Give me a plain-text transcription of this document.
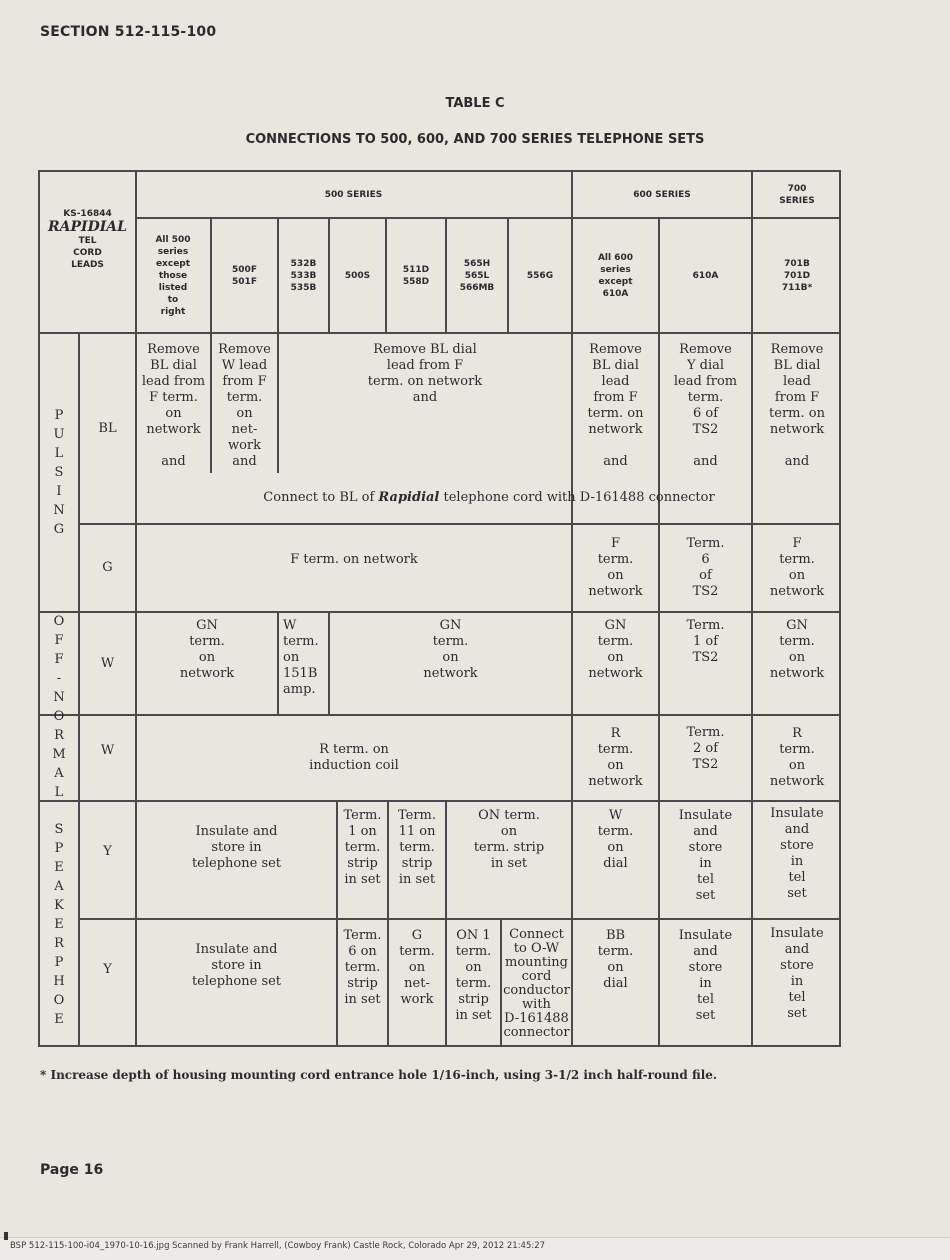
SECTION 512-115-100
TABLE C
CONNECTIONS TO 500, 600, AND 700 SERIES TELEPHONE SETS
500 SERIES	600 SERIES
700
SERIES
KS-16844
RAPIDIAL
TEL
CORD
LEADS
All 500
series
except
those
listed
to
right
500F
501F
532B
533B
535B
500S
511D
558D
565H
565L
566MB
556G
All 600
series
except
610A
610A
701B
701D
711B*
P
U
L
S
I
N
G
O
F
F
-
N
O
R
M
A
L
S
P
E
A
K
E
R
P
H
O
E
BL
Remove
BL dial
lead from
F term.
on
network

and
Remove
W lead
from F
term.
on
net-
work
and
Remove BL dial
lead from F
term. on network
and
Remove
BL dial
lead
from F
term. on
network

and
Remove
Y dial
lead from
term.
6 of
TS2

and
Remove
BL dial
lead
from F
term. on
network

and
Connect to BL of Rapidial telephone cord with D-161488 connector
G
F term. on network
F
term.
on
network
Term.
6
of
TS2
F
term.
on
network
W
GN
term.
on
network
W
term.
on
151B
amp.
GN
term.
on
network
GN
term.
on
network
Term.
1 of
TS2
GN
term.
on
network
W	R term. on
induction coil
R
term.
on
network
Term.
2 of
TS2
R
term.
on
network
Y
Insulate and
store in
telephone set
Term.
1 on
term.
strip
in set
Term.
11 on
term.
strip
in set
ON term.
on
term. strip
in set
W
term.
on
dial
Insulate
and
store
in
tel
set
Insulate
and
store
in
tel
set
Y
Insulate and
store in
telephone set
Term.
6 on
term.
strip
in set
G
term.
on
net-
work
ON 1
term.
on
term.
strip
in set
Connect
to O-W
mounting
cord
conductor
with
D-161488
connector
BB
term.
on
dial
Insulate
and
store
in
tel
set
Insulate
and
store
in
tel
set
* Increase depth of housing mounting cord entrance hole 1/16-inch, using 3-1/2 inch half-round file.
Page 16
BSP 512-115-100-i04_1970-10-16.jpg Scanned by Frank Harrell, (Cowboy Frank) Castle Rock, Colorado Apr 29, 2012 21:45:27
